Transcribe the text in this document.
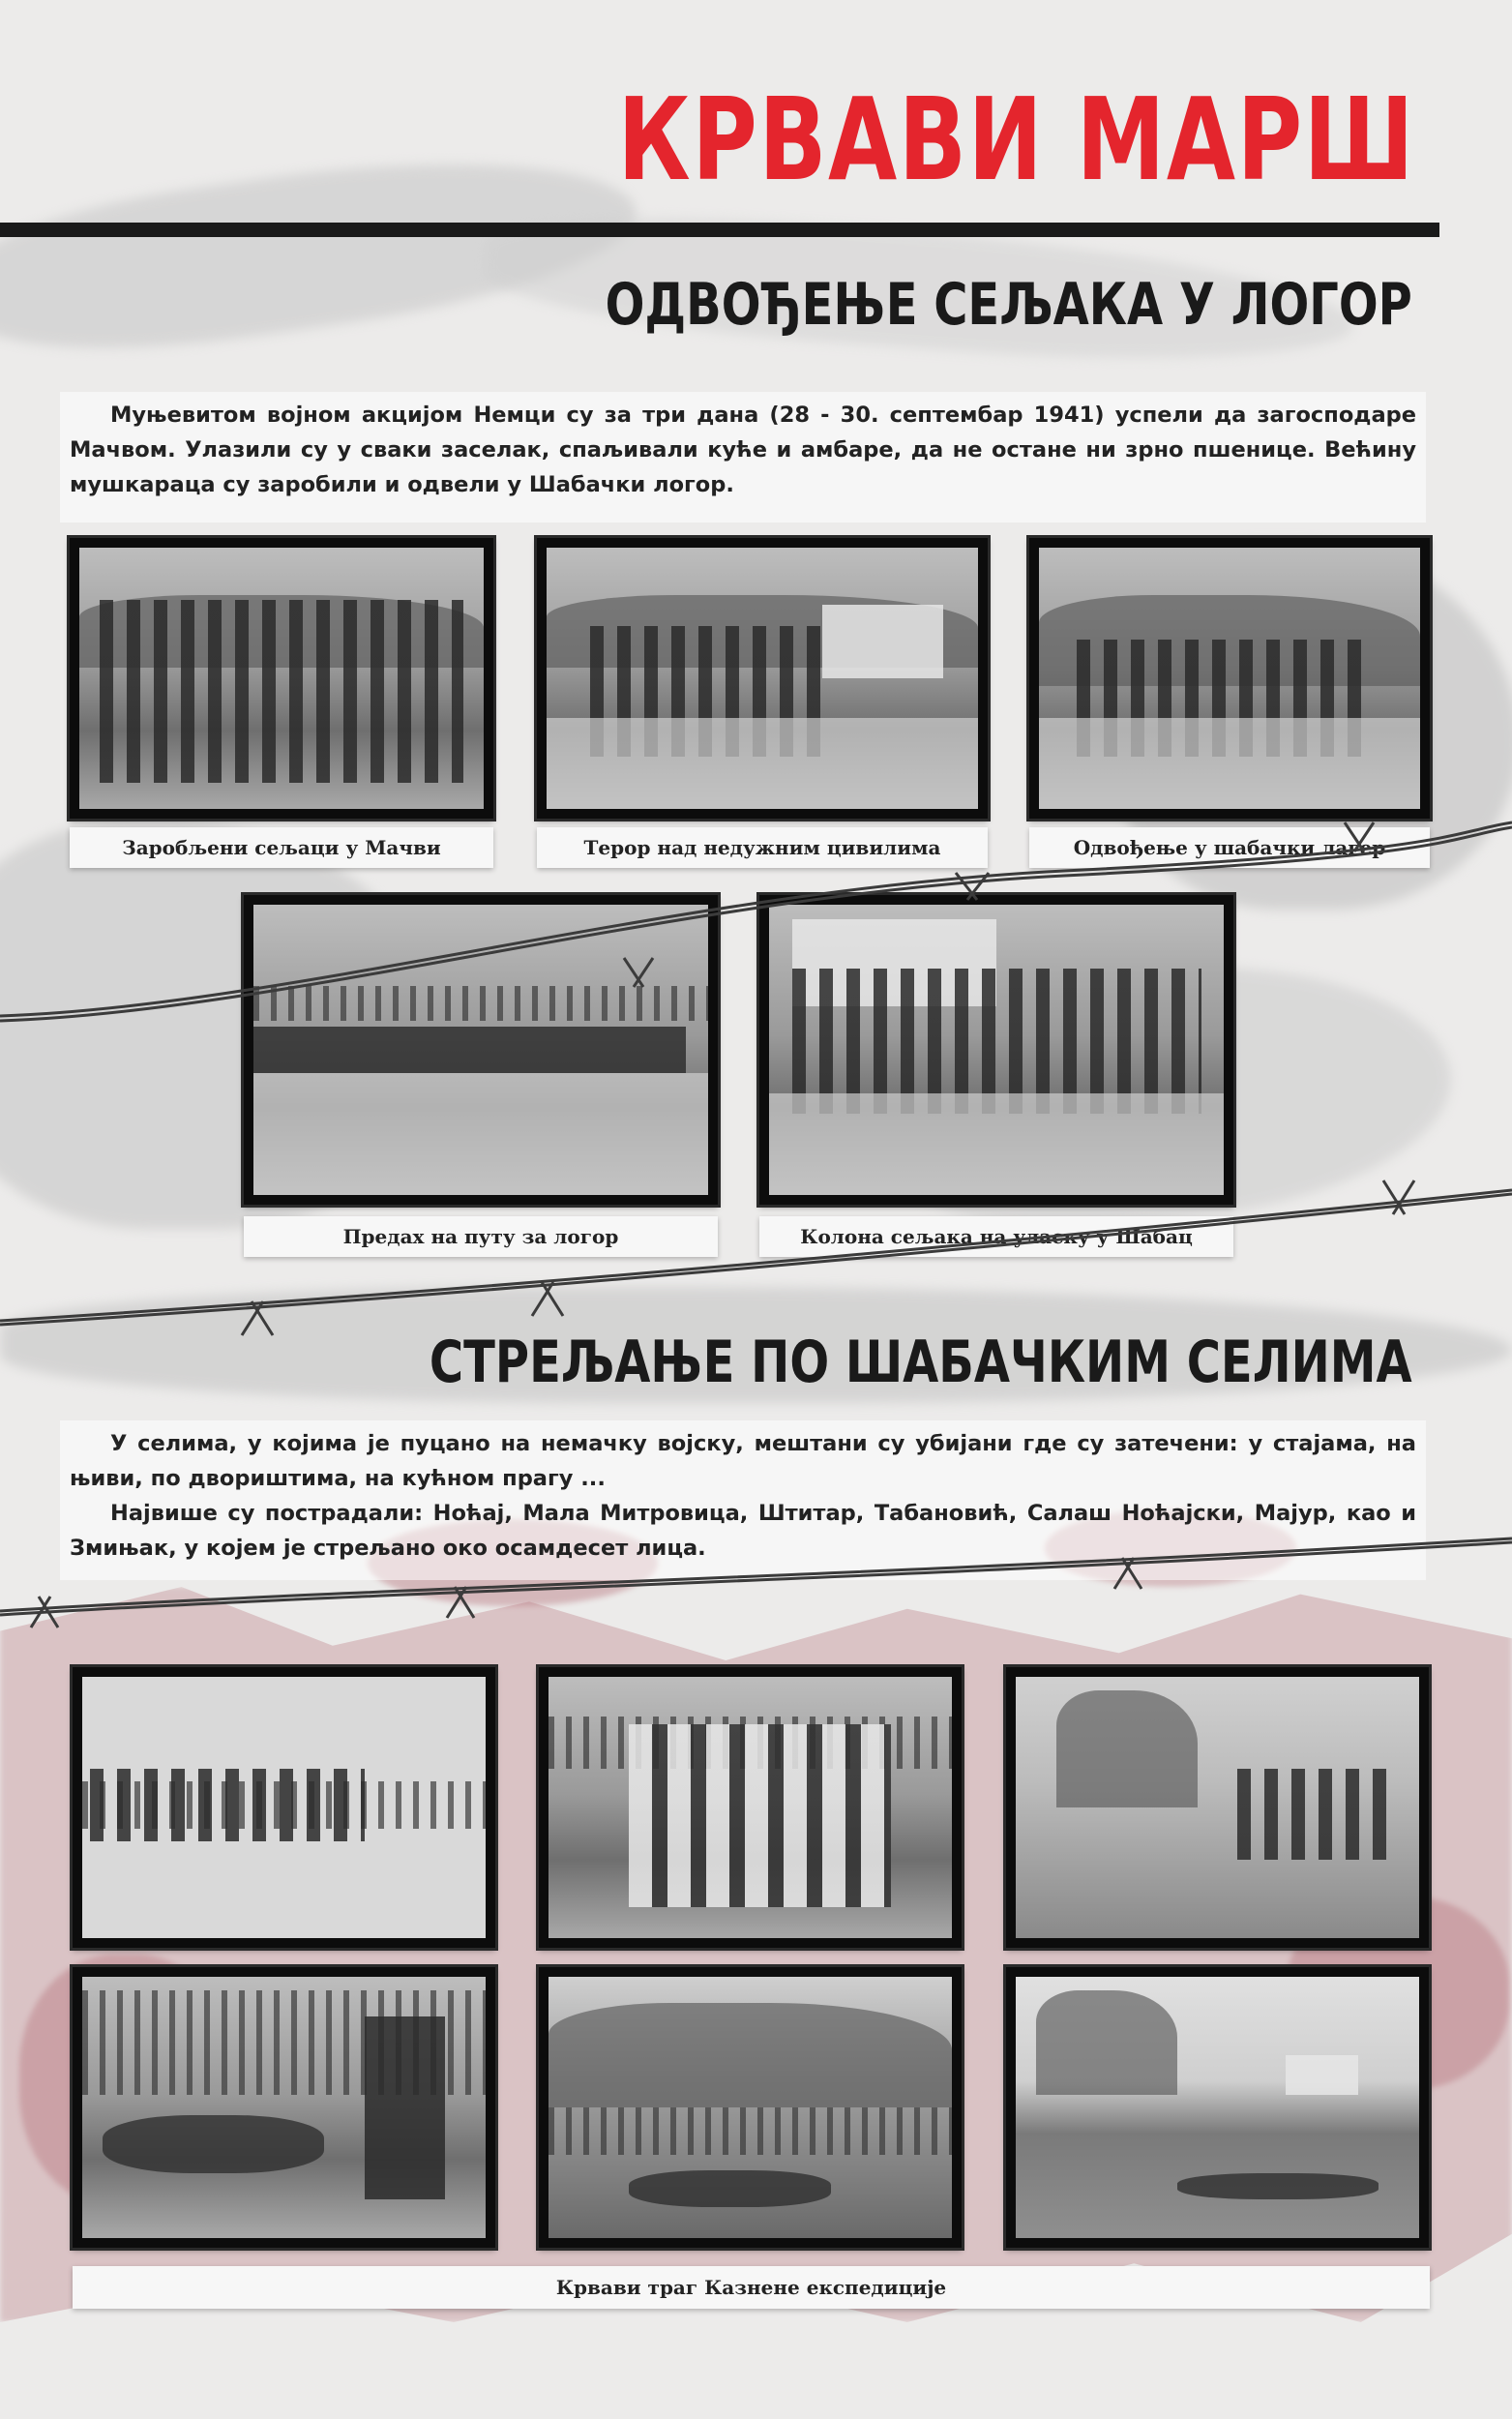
КРВАВИ МАРШ
ОДВОЂЕЊЕ СЕЉАКА У ЛОГОР

Муњевитом војном акцијом Немци су за три дана (28 - 30. септембар 1941) успели да загосподаре Мачвом. Улазили су у сваки заселак, спаљивали куће и амбаре, да не остане ни зрно пшенице. Већину мушкараца су заробили и одвели у Шабачки логор.

Заробљени сељаци у Мачви	Терор над недужним цивилима	Одвођење у шабачки лагер
Предах на путу за логор	Колона сељака на уласку у Шабац
СТРЕЉАЊЕ ПО ШАБАЧКИМ СЕЛИМА

У селима, у којима је пуцано на немачку војску, мештани су убијани где су затечени: у стајама, на њиви, по двориштима, на кућном прагу ...

Највише су пострадали: Ноћај, Мала Митровица, Штитар, Табановић, Салаш Ноћајски, Мајур, као и Змињак, у којем је стрељано око осамдесет лица.

Крвави траг Казнене експедиције
